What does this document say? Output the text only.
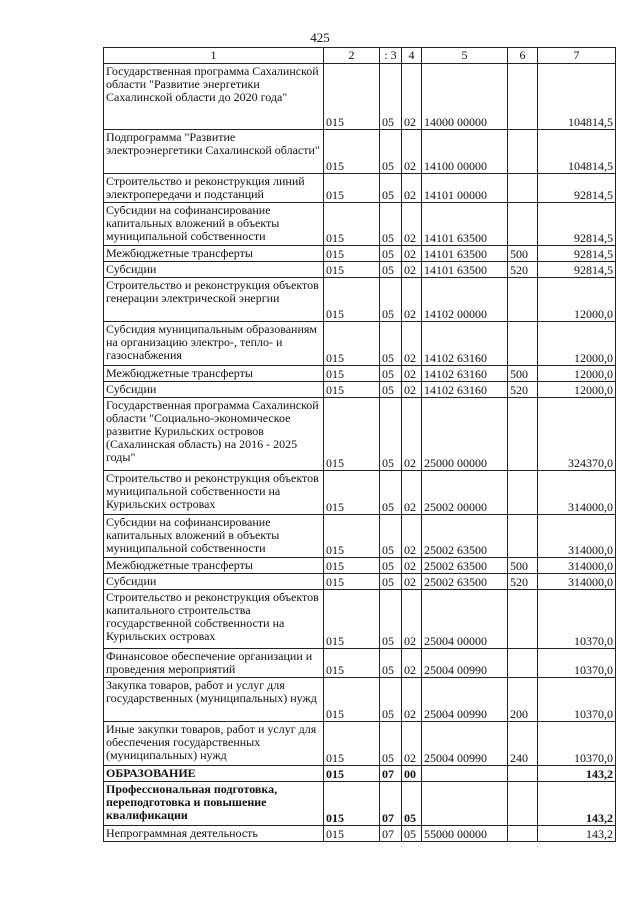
425
1	2	: 3	4	5	6	7
Государственная программа Сахалинской области "Развитие энергетики Сахалинской области до 2020 года"	015	05	02	14000 00000		104814,5
Подпрограмма "Развитие электроэнергетики Сахалинской области"	015	05	02	14100 00000		104814,5
Строительство и реконструкция линий электропередачи и подстанций	015	05	02	14101 00000		92814,5
Субсидии на софинансирование капитальных вложений в объекты муниципальной собственности	015	05	02	14101 63500		92814,5
Межбюджетные трансферты	015	05	02	14101 63500	500	92814,5
Субсидии	015	05	02	14101 63500	520	92814,5
Строительство и реконструкция объектов генерации электрической энергии	015	05	02	14102 00000		12000,0
Субсидия муниципальным образованиям на организацию электро-, тепло- и газоснабжения	015	05	02	14102 63160		12000,0
Межбюджетные трансферты	015	05	02	14102 63160	500	12000,0
Субсидии	015	05	02	14102 63160	520	12000,0
Государственная программа Сахалинской области "Социально-экономическое развитие Курильских островов (Сахалинская область) на 2016 - 2025 годы"	015	05	02	25000 00000		324370,0
Строительство и реконструкция объектов муниципальной собственности на Курильских островах	015	05	02	25002 00000		314000,0
Субсидии на софинансирование капитальных вложений в объекты муниципальной собственности	015	05	02	25002 63500		314000,0
Межбюджетные трансферты	015	05	02	25002 63500	500	314000,0
Субсидии	015	05	02	25002 63500	520	314000,0
Строительство и реконструкция объектов капитального строительства государственной собственности на Курильских островах	015	05	02	25004 00000		10370,0
Финансовое обеспечение организации и проведения мероприятий	015	05	02	25004 00990		10370,0
Закупка товаров, работ и услуг для государственных (муниципальных) нужд	015	05	02	25004 00990	200	10370,0
Иные закупки товаров, работ и услуг для обеспечения государственных (муниципальных) нужд	015	05	02	25004 00990	240	10370,0
ОБРАЗОВАНИЕ	015	07	00			143,2
Профессиональная подготовка, переподготовка и повышение квалификации	015	07	05			143,2
Непрограммная деятельность	015	07	05	55000 00000		143,2
